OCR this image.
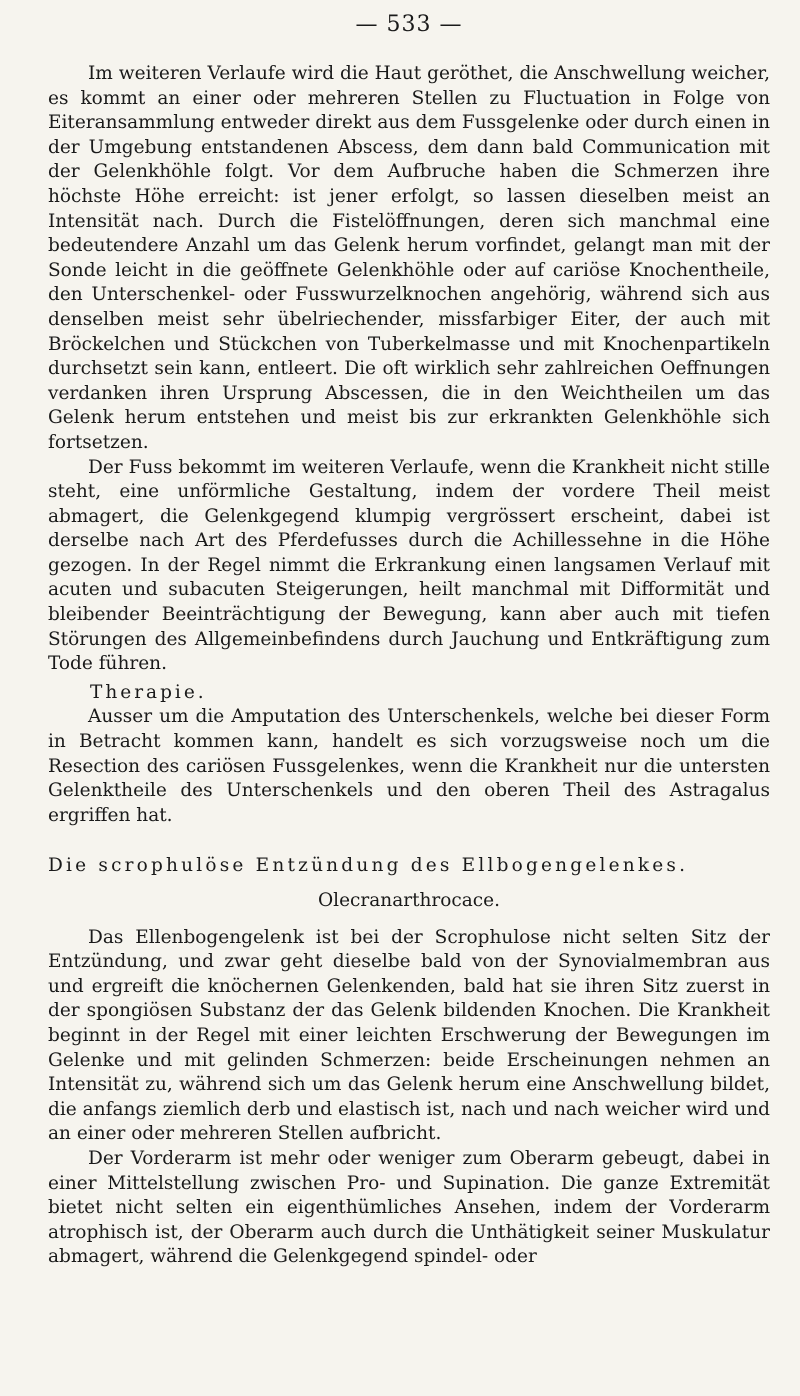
— 533 —

Im weiteren Verlaufe wird die Haut geröthet, die Anschwellung weicher, es kommt an einer oder mehreren Stellen zu Fluctuation in Folge von Eiteransammlung entweder direkt aus dem Fussgelenke oder durch einen in der Umgebung entstandenen Abscess, dem dann bald Communication mit der Gelenkhöhle folgt. Vor dem Aufbruche haben die Schmerzen ihre höchste Höhe erreicht: ist jener erfolgt, so lassen dieselben meist an Intensität nach. Durch die Fistelöffnungen, deren sich manchmal eine bedeutendere Anzahl um das Gelenk herum vorfindet, gelangt man mit der Sonde leicht in die geöffnete Gelenkhöhle oder auf cariöse Knochentheile, den Unterschenkel- oder Fusswurzelknochen angehörig, während sich aus denselben meist sehr übelriechender, missfarbiger Eiter, der auch mit Bröckelchen und Stückchen von Tuberkelmasse und mit Knochenpartikeln durchsetzt sein kann, entleert. Die oft wirklich sehr zahlreichen Oeffnungen verdanken ihren Ursprung Abscessen, die in den Weichtheilen um das Gelenk herum entstehen und meist bis zur erkrankten Gelenkhöhle sich fortsetzen.

Der Fuss bekommt im weiteren Verlaufe, wenn die Krankheit nicht stille steht, eine unförmliche Gestaltung, indem der vordere Theil meist abmagert, die Gelenkgegend klumpig vergrössert erscheint, dabei ist derselbe nach Art des Pferdefusses durch die Achillessehne in die Höhe gezogen. In der Regel nimmt die Erkrankung einen langsamen Verlauf mit acuten und subacuten Steigerungen, heilt manchmal mit Difformität und bleibender Beeinträchtigung der Bewegung, kann aber auch mit tiefen Störungen des Allgemeinbefindens durch Jauchung und Entkräftigung zum Tode führen.

Therapie.

Ausser um die Amputation des Unterschenkels, welche bei dieser Form in Betracht kommen kann, handelt es sich vorzugsweise noch um die Resection des cariösen Fussgelenkes, wenn die Krankheit nur die untersten Gelenktheile des Unterschenkels und den oberen Theil des Astragalus ergriffen hat.

Die scrophulöse Entzündung des Ellbogengelenkes.

Olecranarthrocace.

Das Ellenbogengelenk ist bei der Scrophulose nicht selten Sitz der Entzündung, und zwar geht dieselbe bald von der Synovialmembran aus und ergreift die knöchernen Gelenkenden, bald hat sie ihren Sitz zuerst in der spongiösen Substanz der das Gelenk bildenden Knochen. Die Krankheit beginnt in der Regel mit einer leichten Erschwerung der Bewegungen im Gelenke und mit gelinden Schmerzen: beide Erscheinungen nehmen an Intensität zu, während sich um das Gelenk herum eine Anschwellung bildet, die anfangs ziemlich derb und elastisch ist, nach und nach weicher wird und an einer oder mehreren Stellen aufbricht.

Der Vorderarm ist mehr oder weniger zum Oberarm gebeugt, dabei in einer Mittelstellung zwischen Pro- und Supination. Die ganze Extremität bietet nicht selten ein eigenthümliches Ansehen, indem der Vorderarm atrophisch ist, der Oberarm auch durch die Unthätigkeit seiner Muskulatur abmagert, während die Gelenkgegend spindel- oder
